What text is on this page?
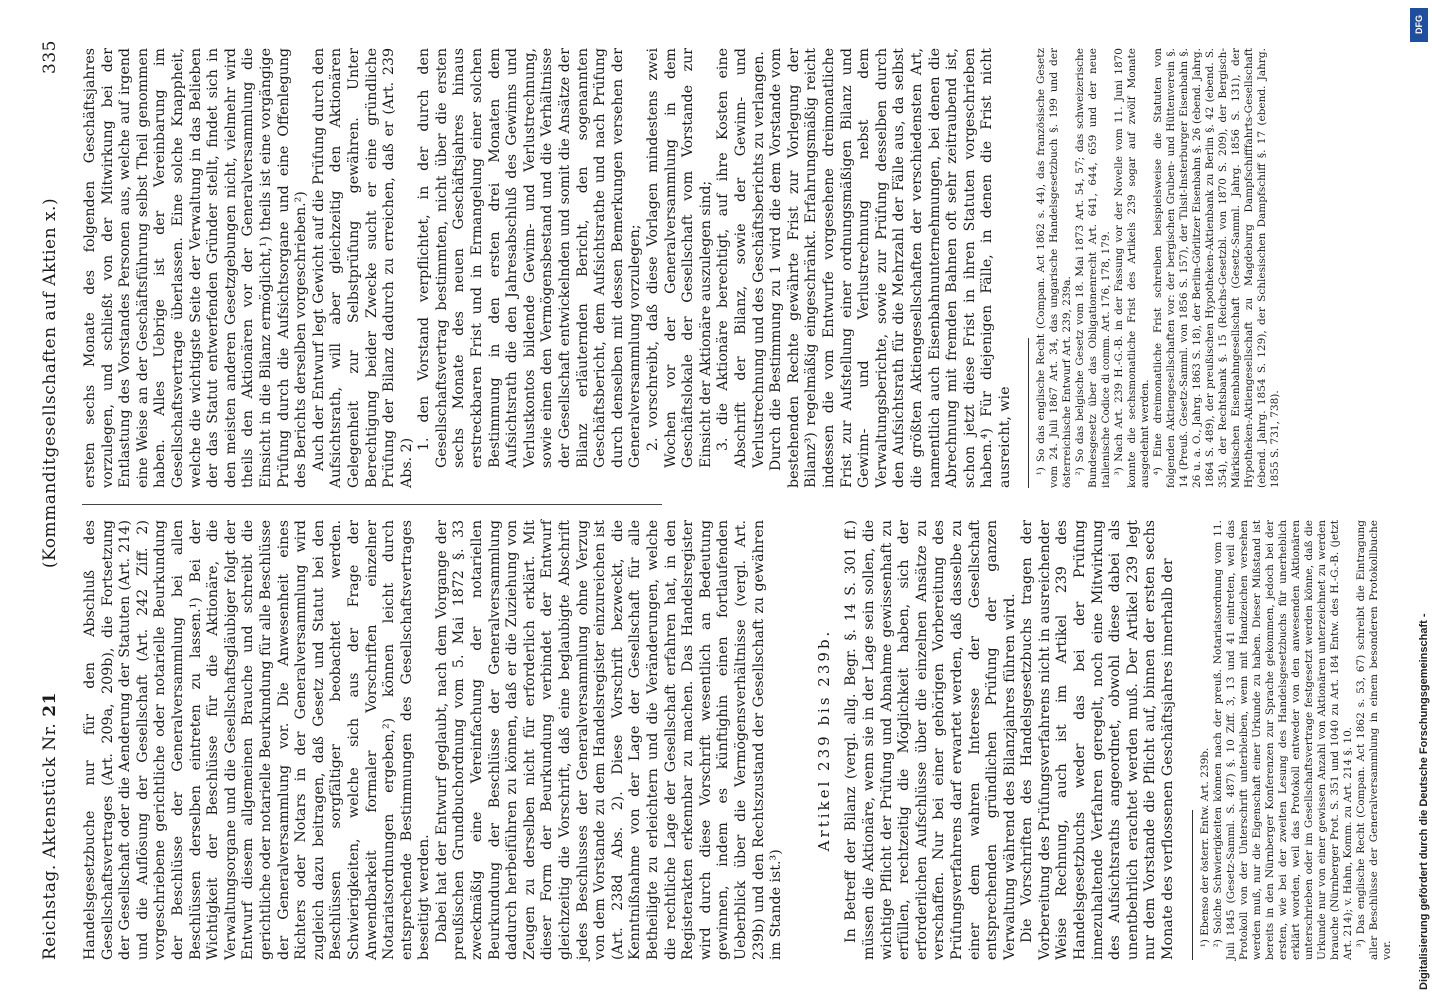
Reichstag. Aktenstück Nr. 21
(Kommanditgesellschaften auf Aktien x.)
335

Handelsgesetzbuche nur für den Abschluß des Gesellschaftsvertrages (Art. 209a, 209b), die Fortsetzung der Gesellschaft oder die Aenderung der Statuten (Art. 214) und die Auflösung der Gesellschaft (Art. 242 Ziff. 2) vorgeschriebene gerichtliche oder notarielle Beurkundung der Beschlüsse der Generalversammlung bei allen Beschlüssen derselben eintreten zu lassen.¹) Bei der Wichtigkeit der Beschlüsse für die Aktionäre, die Verwaltungsorgane und die Gesellschaftsgläubiger folgt der Entwurf diesem allgemeinen Brauche und schreibt die gerichtliche oder notarielle Beurkundung für alle Beschlüsse der Generalversammlung vor. Die Anwesenheit eines Richters oder Notars in der Generalversammlung wird zugleich dazu beitragen, daß Gesetz und Statut bei den Beschlüssen sorgfältiger beobachtet werden. Schwierigkeiten, welche sich aus der Frage der Anwendbarkeit formaler Vorschriften einzelner Notariatsordnungen ergeben,²) können leicht durch entsprechende Bestimmungen des Gesellschaftsvertrages beseitigt werden. Dabei hat der Entwurf geglaubt, nach dem Vorgange der preußischen Grundbuchordnung vom 5. Mai 1872 §. 33 zweckmäßig eine Vereinfachung der notariellen Beurkundung der Beschlüsse der Generalversammlung dadurch herbeiführen zu können, daß er die Zuziehung von Zeugen zu derselben nicht für erforderlich erklärt. Mit dieser Form der Beurkundung verbindet der Entwurf gleichzeitig die Vorschrift, daß eine beglaubigte Abschrift jedes Beschlusses der Generalversammlung ohne Verzug von dem Vorstande zu dem Handelsregister einzureichen ist (Art. 238d Abs. 2). Diese Vorschrift bezweckt, die Kenntnißnahme von der Lage der Gesellschaft für alle Betheiligte zu erleichtern und die Veränderungen, welche die rechtliche Lage der Gesellschaft erfahren hat, in den Registerakten erkennbar zu machen. Das Handelsregister wird durch diese Vorschrift wesentlich an Bedeutung gewinnen, indem es künftighin einen fortlaufenden Ueberblick über die Vermögensverhältnisse (vergl. Art. 239b) und den Rechtszustand der Gesellschaft zu gewähren im Stande ist.³)

Artikel 239 bis 239b. In Betreff der Bilanz (vergl. allg. Begr. §. 14 S. 301 ff.) müssen die Aktionäre, wenn sie in der Lage sein sollen, die wichtige Pflicht der Prüfung und Abnahme gewissenhaft zu erfüllen, rechtzeitig die Möglichkeit haben, sich der erforderlichen Aufschlüsse über die einzelnen Ansätze zu verschaffen. Nur bei einer gehörigen Vorbereitung des Prüfungsverfahrens darf erwartet werden, daß dasselbe zu einer dem wahren Interesse der Gesellschaft entsprechenden gründlichen Prüfung der ganzen Verwaltung während des Bilanzjahres führen wird. Die Vorschriften des Handelsgesetzbuchs tragen der Vorbereitung des Prüfungsverfahrens nicht in ausreichender Weise Rechnung, auch ist im Artikel 239 des Handelsgesetzbuchs weder das bei der Prüfung innezuhaltende Verfahren geregelt, noch eine Mitwirkung des Aufsichtsraths angeordnet, obwohl diese dabei als unentbehrlich erachtet werden muß. Der Artikel 239 legt nur dem Vorstande die Pflicht auf, binnen der ersten sechs Monate des verflossenen Geschäftsjahres innerhalb der ¹) Ebenso der österr. Entw. Art. 239b. ²) Solche Schwierigkeiten können nach der preuß. Notariatsordnung vom 11. Juli 1845 (Gesetz-Samml. S. 487) §. 10 Ziff. 3, 13 und 41 eintreten, weil das Protokoll von der Unterschrift unterbleiben, wenn mit Handzeichen versehen werden muß, nur die Eigenschaft einer Urkunde zu haben. Dieser Mißstand ist bereits in den Nürnberger Konferenzen zur Sprache gekommen, jedoch bei der ersten, wie bei der zweiten Lesung des Handelsgesetzbuchs für unerheblich erklärt worden, weil das Protokoll entweder von den anwesenden Aktionären unterschrieben oder im Gesellschaftsvertrage festgesetzt werden könne, daß die Urkunde nur von einer gewissen Anzahl von Aktionären unterzeichnet zu werden brauche (Nürnberger Prot. S. 351 und 1040 zu Art. 184 Entw. des H.-G.-B. (jetzt Art. 214); v. Hahn, Komm. zu Art. 214 §. 10. ³) Das englische Recht (Compan. Act 1862 s. 53, 67) schreibt die Eintragung aller Beschlüsse der Generalversammlung in einem besonderen Protokollbuche vor.

ersten sechs Monate des folgenden Geschäftsjahres vorzulegen, und schließt von der Mitwirkung bei der Entlastung des Vorstandes Personen aus, welche auf irgend eine Weise an der Geschäftsführung selbst Theil genommen haben. Alles Uebrige ist der Vereinbarung im Gesellschaftsvertrage überlassen. Eine solche Knappheit, welche die wichtigste Seite der Verwaltung in das Belieben der das Statut entwerfenden Gründer stellt, findet sich in den meisten anderen Gesetzgebungen nicht, vielmehr wird theils den Aktionären vor der Generalversammlung die Einsicht in die Bilanz ermöglicht,¹) theils ist eine vorgängige Prüfung durch die Aufsichtsorgane und eine Offenlegung des Berichts derselben vorgeschrieben.²) Auch der Entwurf legt Gewicht auf die Prüfung durch den Aufsichtsrath, will aber gleichzeitig den Aktionären Gelegenheit zur Selbstprüfung gewähren. Unter Berechtigung beider Zwecke sucht er eine gründliche Prüfung der Bilanz dadurch zu erreichen, daß er (Art. 239 Abs. 2)

1. den Vorstand verpflichtet, in der durch den Gesellschaftsvertrag bestimmten, nicht über die ersten sechs Monate des neuen Geschäftsjahres hinaus erstreckbaren Frist und in Ermangelung einer solchen Bestimmung in den ersten drei Monaten dem Aufsichtsrath die den Jahresabschluß des Gewinns und Verlustkontos bildende Gewinn- und Verlustrechnung, sowie einen den Vermögensbestand und die Verhältnisse der Gesellschaft entwickelnden und somit die Ansätze der Bilanz erläuternden Bericht, den sogenannten Geschäftsbericht, dem Aufsichtsrathe und nach Prüfung durch denselben mit dessen Bemerkungen versehen der Generalversammlung vorzulegen; 2. vorschreibt, daß diese Vorlagen mindestens zwei Wochen vor der Generalversammlung in dem Geschäftslokale der Gesellschaft vom Vorstande zur Einsicht der Aktionäre auszulegen sind; 3. die Aktionäre berechtigt, auf ihre Kosten eine Abschrift der Bilanz, sowie der Gewinn- und Verlustrechnung und des Geschäftsberichts zu verlangen. Durch die Bestimmung zu 1 wird die dem Vorstande vom bestehenden Rechte gewährte Frist zur Vorlegung der Bilanz³) regelmäßig eingeschränkt. Erfahrungsmäßig reicht indessen die vom Entwurfe vorgesehene dreimonatliche Frist zur Aufstellung einer ordnungsmäßigen Bilanz und Gewinn- und Verlustrechnung nebst dem Verwaltungsberichte, sowie zur Prüfung desselben durch den Aufsichtsrath für die Mehrzahl der Fälle aus, da selbst die größten Aktiengesellschaften der verschiedensten Art, namentlich auch Eisenbahnunternehmungen, bei denen die Abrechnung mit fremden Bahnen oft sehr zeitraubend ist, schon jetzt diese Frist in ihren Statuten vorgeschrieben haben.⁴) Für diejenigen Fälle, in denen die Frist nicht ausreicht, wie ¹) So das englische Recht (Compan. Act 1862 s. 44), das französische Gesetz vom 24. Juli 1867 Art. 34, das ungarische Handelsgesetzbuch §. 199 und der österreichische Entwurf Art. 239, 239a. ²) So das belgische Gesetz vom 18. Mai 1873 Art. 54, 57; das schweizerische Bundesgesetz über das Obligationenrecht Art. 641, 644, 659 und der neue italienische Codice di comm. Art. 176, 178, 179. ³) Nach Art. 239 H.-G.-B. in der Fassung vor der Novelle vom 11. Juni 1870 konnte die sechsmonatliche Frist des Artikels 239 sogar auf zwölf Monate ausgedehnt werden. ⁴) Eine dreimonatliche Frist schreiben beispielsweise die Statuten von folgenden Aktiengesellschaften vor: der bergischen Gruben- und Hüttenverein §. 14 (Preuß. Gesetz-Samml. von 1856 S. 157), der Tilsit-Insterburger Eisenbahn §. 26 u. a. O., Jahrg. 1863 S. 18), der Berlin-Görlitzer Eisenbahn §. 26 (ebend. Jahrg. 1864 S. 489), der preußischen Hypotheken-Aktienbank zu Berlin §. 42 (ebend. S. 354), der Rechtsbank §. 15 (Reichs-Gesetzbl. von 1870 S. 209), der Bergisch-Märkischen Eisenbahngesellschaft (Gesetz-Samml. Jahrg. 1856 S. 131), der Hypotheken-Aktiengesellschaft zu Magdeburg Dampfschifffahrts-Gesellschaft (ebend. Jahrg. 1854 S. 129), der Schlesischen Dampfschiff §. 17 (ebend. Jahrg. 1855 S. 731, 738).

Digitalisierung gefördert durch die Deutsche Forschungsgemeinschaft -
DFG
